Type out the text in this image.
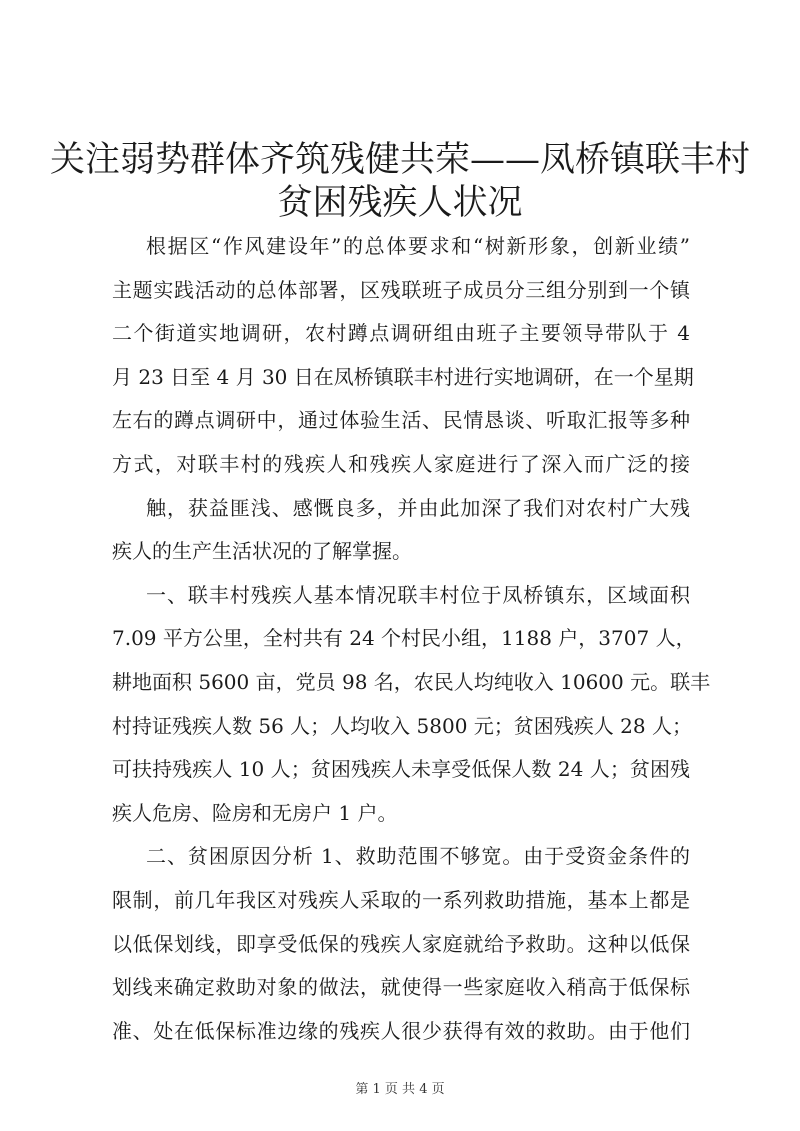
关注弱势群体齐筑残健共荣——凤桥镇联丰村
贫困残疾人状况
根据区“作风建设年”的总体要求和“树新形象，创新业绩”
主题实践活动的总体部署，区残联班子成员分三组分别到一个镇
二个街道实地调研，农村蹲点调研组由班子主要领导带队于 4
月 23 日至 4 月 30 日在凤桥镇联丰村进行实地调研，在一个星期
左右的蹲点调研中，通过体验生活、民情恳谈、听取汇报等多种
方式，对联丰村的残疾人和残疾人家庭进行了深入而广泛的接
触，获益匪浅、感慨良多，并由此加深了我们对农村广大残
疾人的生产生活状况的了解掌握。
一、联丰村残疾人基本情况联丰村位于凤桥镇东，区域面积
7.09 平方公里，全村共有 24 个村民小组，1188 户，3707 人，
耕地面积 5600 亩，党员 98 名，农民人均纯收入 10600 元。联丰
村持证残疾人数 56 人；人均收入 5800 元；贫困残疾人 28 人；
可扶持残疾人 10 人；贫困残疾人未享受低保人数 24 人；贫困残
疾人危房、险房和无房户 1 户。
二、贫困原因分析 1、救助范围不够宽。由于受资金条件的
限制，前几年我区对残疾人采取的一系列救助措施，基本上都是
以低保划线，即享受低保的残疾人家庭就给予救助。这种以低保
划线来确定救助对象的做法，就使得一些家庭收入稍高于低保标
准、处在低保标准边缘的残疾人很少获得有效的救助。由于他们
第 1 页 共 4 页
